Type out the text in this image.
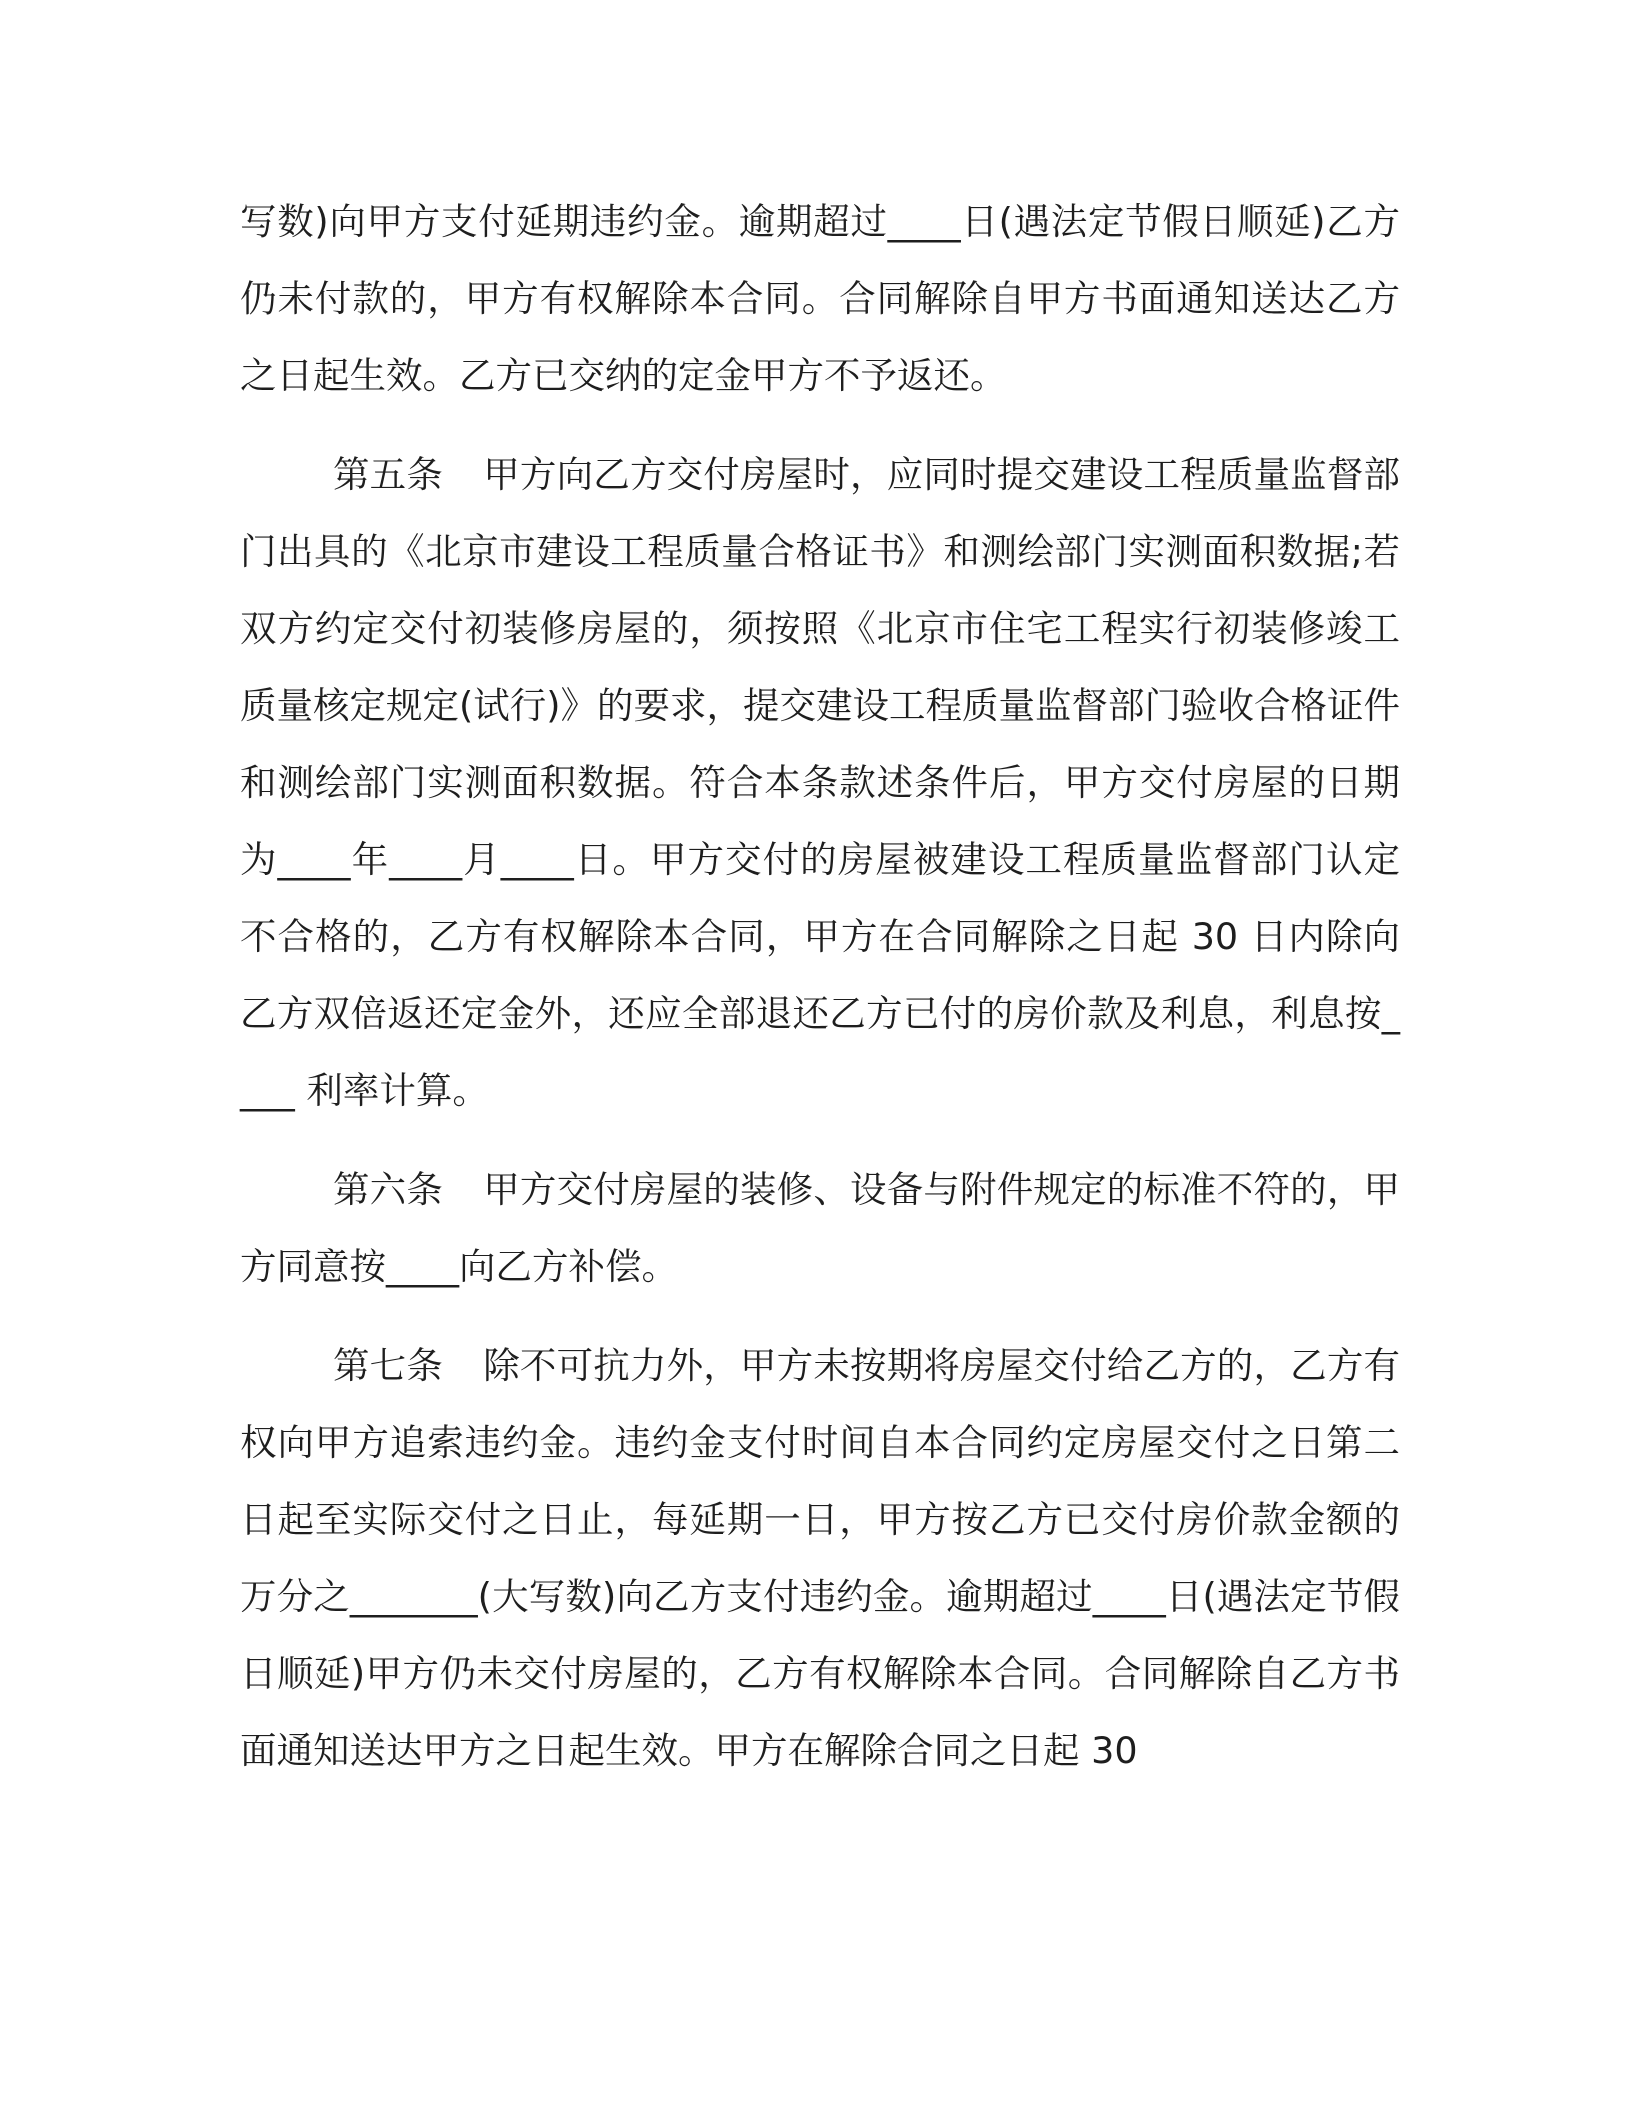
写数)向甲方支付延期违约金。逾期超过____日(遇法定节假日顺延)乙方仍未付款的，甲方有权解除本合同。合同解除自甲方书面通知送达乙方之日起生效。乙方已交纳的定金甲方不予返还。

第五条 甲方向乙方交付房屋时，应同时提交建设工程质量监督部门出具的《北京市建设工程质量合格证书》和测绘部门实测面积数据;若双方约定交付初装修房屋的，须按照《北京市住宅工程实行初装修竣工质量核定规定(试行)》的要求，提交建设工程质量监督部门验收合格证件和测绘部门实测面积数据。符合本条款述条件后，甲方交付房屋的日期为____年____月____日。甲方交付的房屋被建设工程质量监督部门认定不合格的，乙方有权解除本合同，甲方在合同解除之日起 30 日内除向乙方双倍返还定金外，还应全部退还乙方已付的房价款及利息，利息按____ 利率计算。

第六条 甲方交付房屋的装修、设备与附件规定的标准不符的，甲方同意按____向乙方补偿。

第七条 除不可抗力外，甲方未按期将房屋交付给乙方的，乙方有权向甲方追索违约金。违约金支付时间自本合同约定房屋交付之日第二日起至实际交付之日止，每延期一日，甲方按乙方已交付房价款金额的万分之_______(大写数)向乙方支付违约金。逾期超过____日(遇法定节假日顺延)甲方仍未交付房屋的，乙方有权解除本合同。合同解除自乙方书面通知送达甲方之日起生效。甲方在解除合同之日起 30
